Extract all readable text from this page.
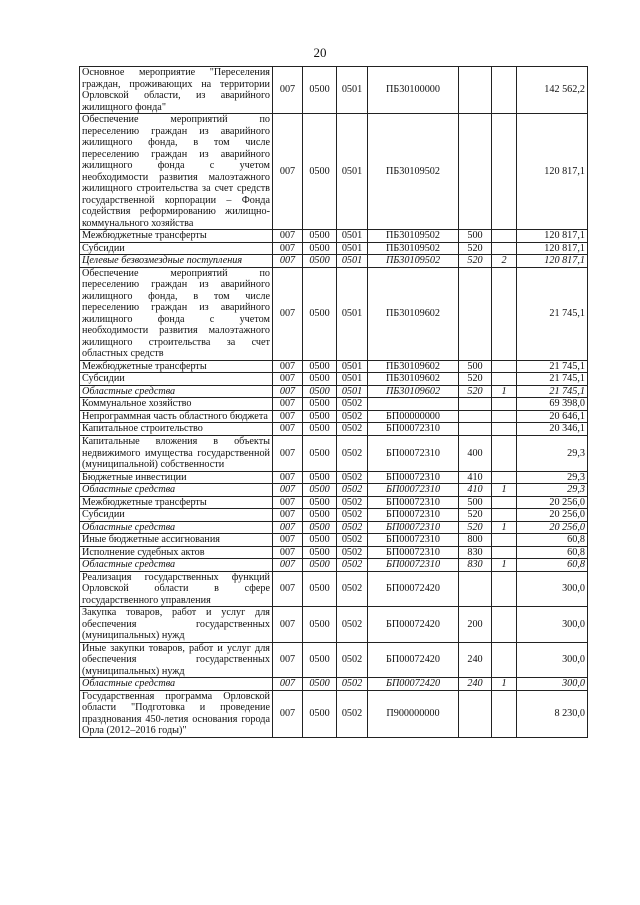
20
Основное мероприятие "Переселения граждан, проживающих на территории Орловской области, из аварийного жилищного фонда"	007	0500	0501	ПБ30100000			142 562,2
Обеспечение мероприятий по переселению граждан из аварийного жилищного фонда, в том числе переселению граждан из аварийного жилищного фонда с учетом необходимости развития малоэтажного жилищного строительства за счет средств государственной корпорации – Фонда содействия реформированию жилищно-коммунального хозяйства	007	0500	0501	ПБ30109502			120 817,1
Межбюджетные трансферты	007	0500	0501	ПБ30109502	500		120 817,1
Субсидии	007	0500	0501	ПБ30109502	520		120 817,1
Целевые безвозмездные поступления	007	0500	0501	ПБ30109502	520	2	120 817,1
Обеспечение мероприятий по переселению граждан из аварийного жилищного фонда, в том числе переселению граждан из аварийного жилищного фонда с учетом необходимости развития малоэтажного жилищного строительства за счет областных средств	007	0500	0501	ПБ30109602			21 745,1
Межбюджетные трансферты	007	0500	0501	ПБ30109602	500		21 745,1
Субсидии	007	0500	0501	ПБ30109602	520		21 745,1
Областные средства	007	0500	0501	ПБ30109602	520	1	21 745,1
Коммунальное хозяйство	007	0500	0502				69 398,0
Непрограммная часть областного бюджета	007	0500	0502	БП00000000			20 646,1
Капитальное строительство	007	0500	0502	БП00072310			20 346,1
Капитальные вложения в объекты недвижимого имущества государственной (муниципальной) собственности	007	0500	0502	БП00072310	400		29,3
Бюджетные инвестиции	007	0500	0502	БП00072310	410		29,3
Областные средства	007	0500	0502	БП00072310	410	1	29,3
Межбюджетные трансферты	007	0500	0502	БП00072310	500		20 256,0
Субсидии	007	0500	0502	БП00072310	520		20 256,0
Областные средства	007	0500	0502	БП00072310	520	1	20 256,0
Иные бюджетные ассигнования	007	0500	0502	БП00072310	800		60,8
Исполнение судебных актов	007	0500	0502	БП00072310	830		60,8
Областные средства	007	0500	0502	БП00072310	830	1	60,8
Реализация государственных функций Орловской области в сфере государственного управления	007	0500	0502	БП00072420			300,0
Закупка товаров, работ и услуг для обеспечения государственных (муниципальных) нужд	007	0500	0502	БП00072420	200		300,0
Иные закупки товаров, работ и услуг для обеспечения государственных (муниципальных) нужд	007	0500	0502	БП00072420	240		300,0
Областные средства	007	0500	0502	БП00072420	240	1	300,0
Государственная программа Орловской области "Подготовка и проведение празднования 450-летия основания города Орла (2012–2016 годы)"	007	0500	0502	П900000000			8 230,0
